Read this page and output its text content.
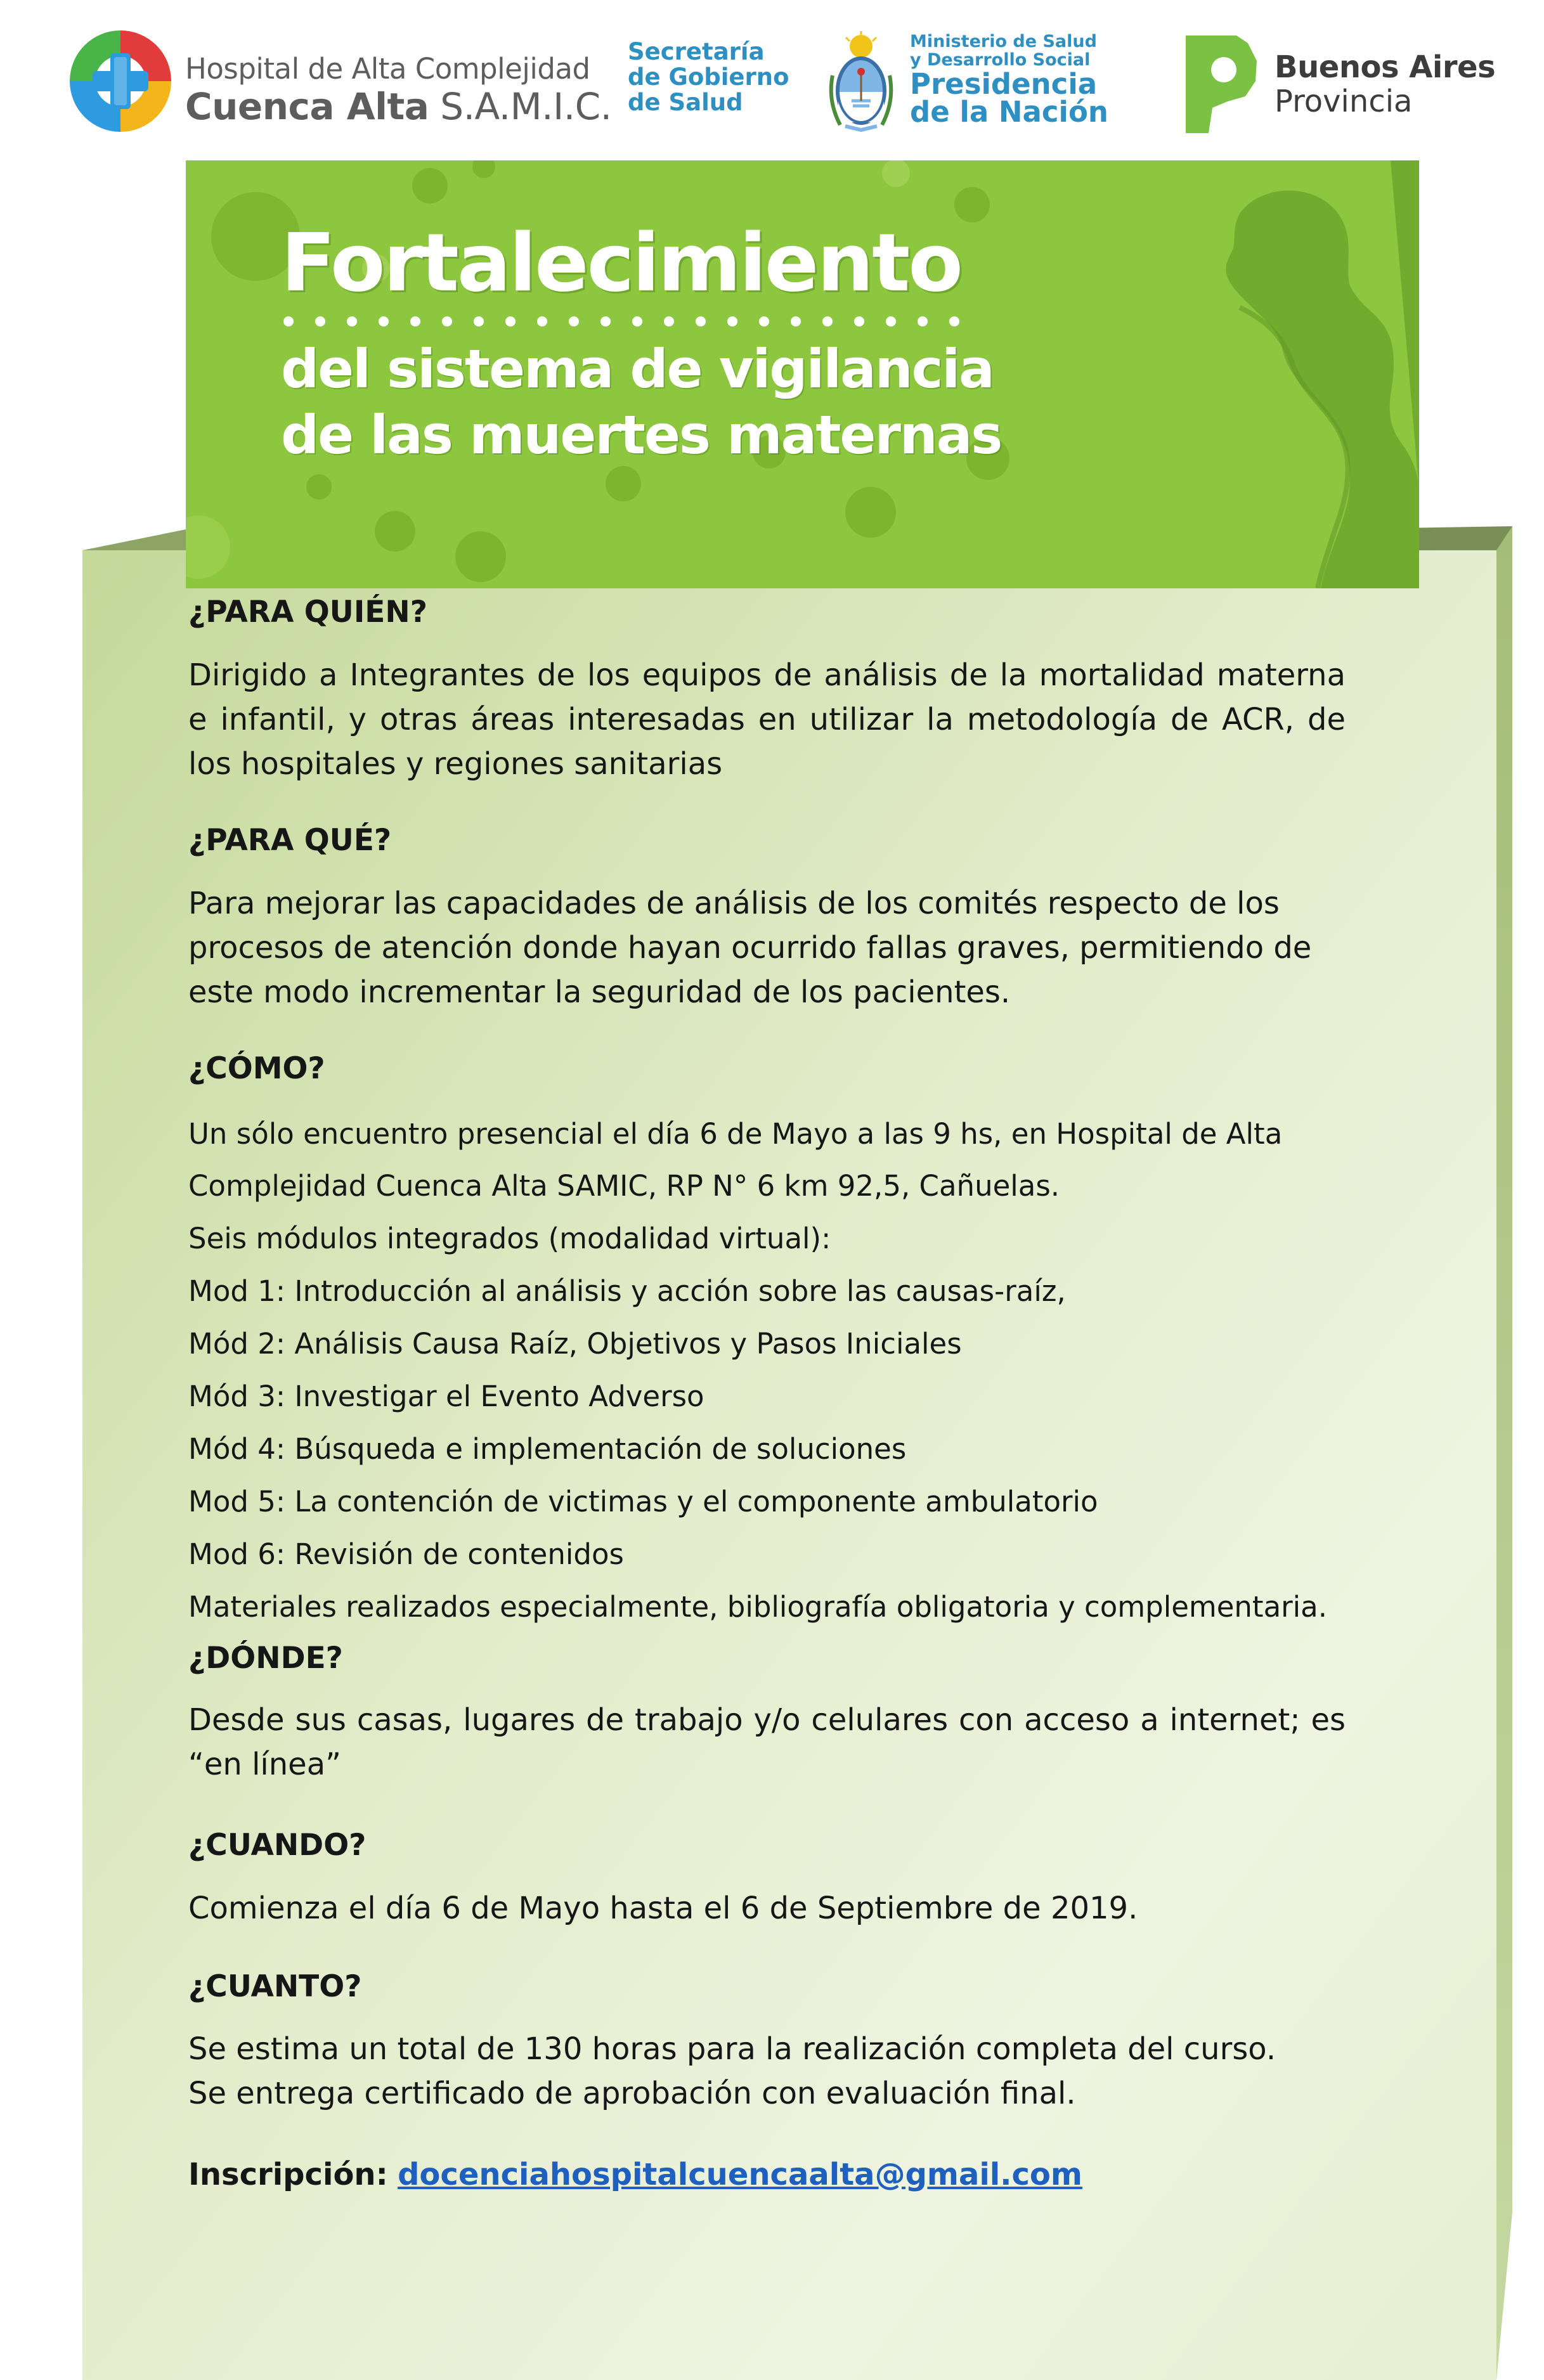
Hospital de Alta Complejidad
Cuenca Alta S.A.M.I.C.
Secretaría
de Gobierno
de Salud
Ministerio de Salud
y Desarrollo Social
Presidencia
de la Nación
Buenos Aires
Provincia
Fortalecimiento
del sistema de vigilancia
de las muertes maternas
¿PARA QUIÉN?
Dirigido a Integrantes de los equipos de análisis de la mortalidad materna e infantil, y otras áreas interesadas en utilizar la metodología de ACR, de los hospitales y regiones sanitarias
¿PARA QUÉ?
Para mejorar las capacidades de análisis de los comités respecto de los procesos de atención donde hayan ocurrido fallas graves, permitiendo de este modo incrementar la seguridad de los pacientes.
¿CÓMO?
Un sólo encuentro presencial el día 6 de Mayo a las 9 hs, en Hospital de Alta
Complejidad Cuenca Alta SAMIC, RP N° 6 km 92,5, Cañuelas.
Seis módulos integrados (modalidad virtual):
Mod 1: Introducción al análisis y acción sobre las causas-raíz,
Mód 2: Análisis Causa Raíz, Objetivos y Pasos Iniciales
Mód 3: Investigar el Evento Adverso
Mód 4: Búsqueda e implementación de soluciones
Mod 5: La contención de victimas y el componente ambulatorio
Mod 6: Revisión de contenidos
Materiales realizados especialmente, bibliografía obligatoria y complementaria.
¿DÓNDE?
Desde sus casas, lugares de trabajo y/o celulares con acceso a internet; es “en línea”
¿CUANDO?
Comienza el día 6 de Mayo hasta el 6 de Septiembre de 2019.
¿CUANTO?
Se estima un total de 130 horas para la realización completa del curso.
Se entrega certificado de aprobación con evaluación final.
Inscripción: docenciahospitalcuencaalta@gmail.com
